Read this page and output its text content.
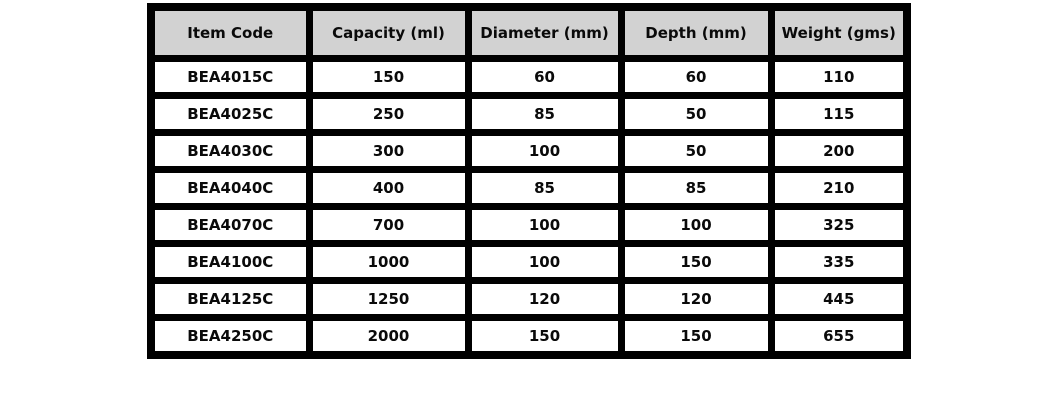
Item Code	Capacity (ml)	Diameter (mm)	Depth (mm)	Weight (gms)
BEA4015C	150	60	60	110
BEA4025C	250	85	50	115
BEA4030C	300	100	50	200
BEA4040C	400	85	85	210
BEA4070C	700	100	100	325
BEA4100C	1000	100	150	335
BEA4125C	1250	120	120	445
BEA4250C	2000	150	150	655
